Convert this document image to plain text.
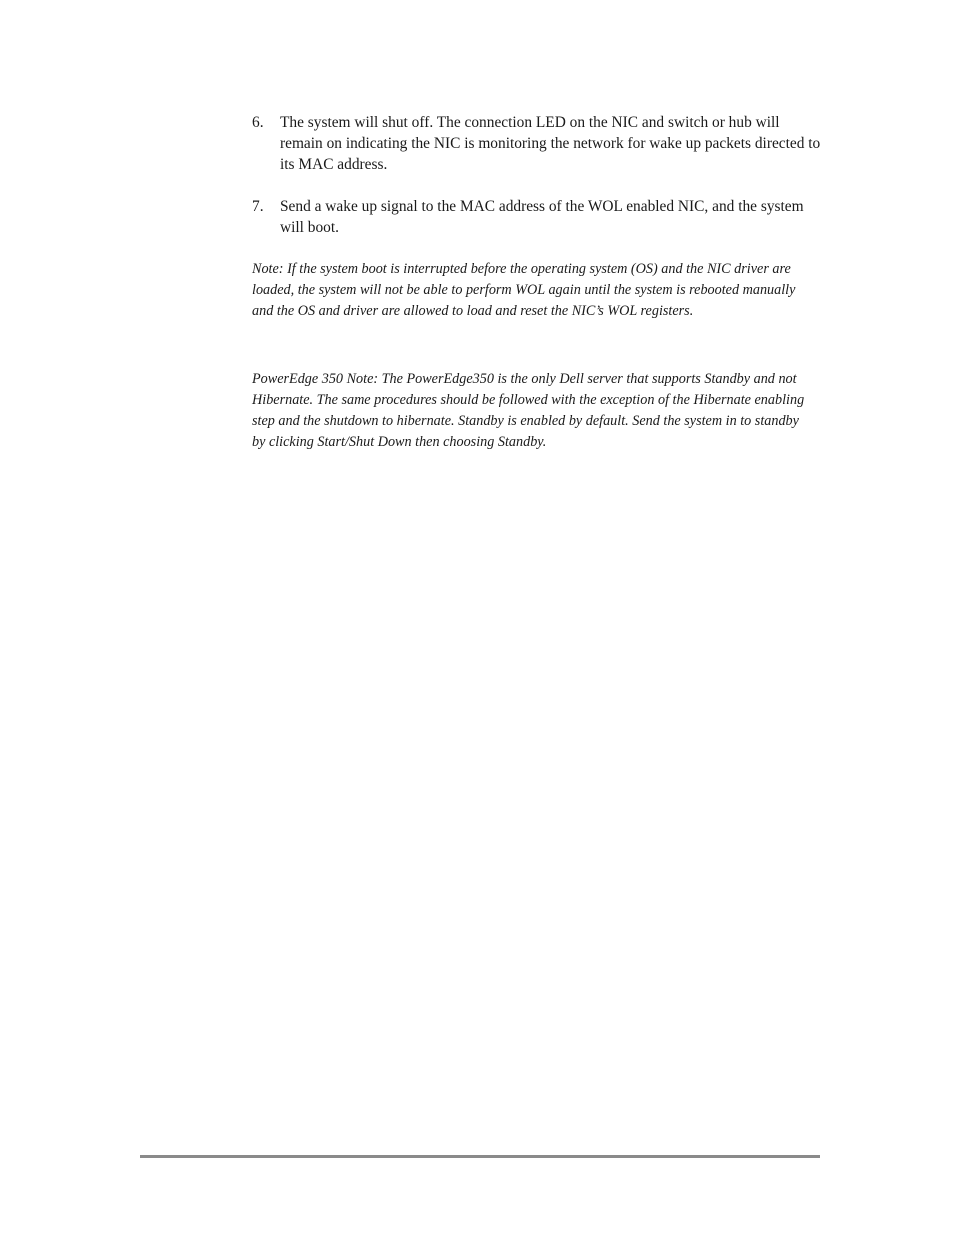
6.	The system will shut off. The connection LED on the NIC and switch or hub will remain on indicating the NIC is monitoring the network for wake up packets directed to its MAC address.
7.	Send a wake up signal to the MAC address of the WOL enabled NIC, and the system will boot.

Note: If the system boot is interrupted before the operating system (OS) and the NIC driver are loaded, the system will not be able to perform WOL again until the system is rebooted manually and the OS and driver are allowed to load and reset the NIC’s WOL registers.

PowerEdge 350 Note: The PowerEdge350 is the only Dell server that supports Standby and not Hibernate. The same procedures should be followed with the exception of the Hibernate enabling step and the shutdown to hibernate. Standby is enabled by default. Send the system in to standby by clicking Start/Shut Down then choosing Standby.
